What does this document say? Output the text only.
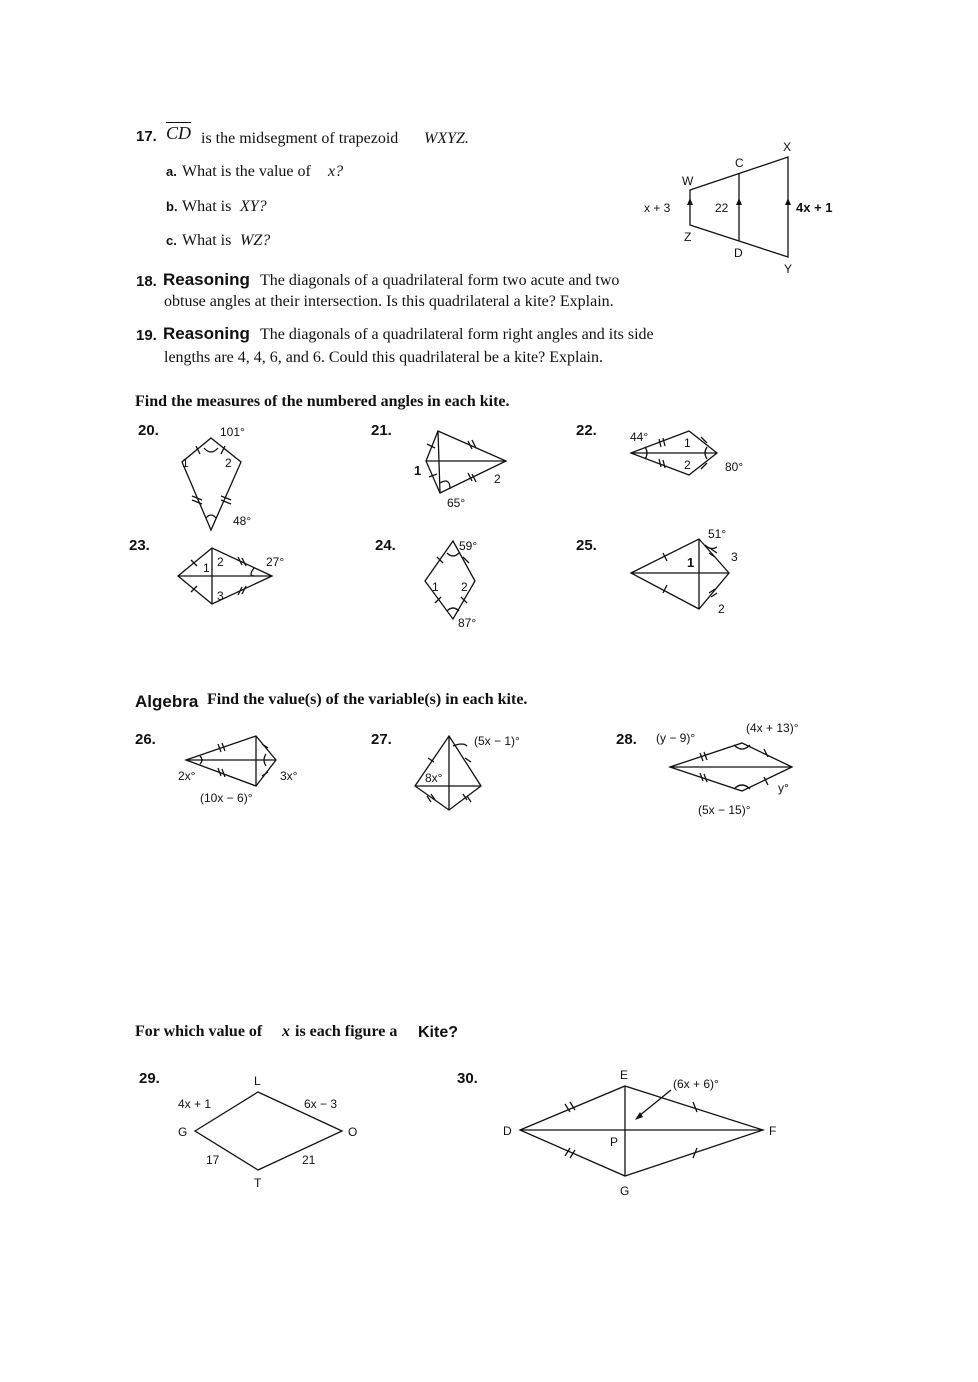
17. $\overline{CD}$ is the midsegment of trapezoid WXYZ.
a. What is the value of x?
b. What is XY?
c. What is WZ?
X
C
W
Z
D
Y
x + 3	22	4x + 1
18. Reasoning The diagonals of a quadrilateral form two acute and two
obtuse angles at their intersection. Is this quadrilateral a kite? Explain.
19. Reasoning The diagonals of a quadrilateral form right angles and its side
lengths are 4, 4, 6, and 6. Could this quadrilateral be a kite? Explain.
Find the measures of the numbered angles in each kite.
20.	101°
1	2
48°
21.
1
2
65°
22.	44°	1
2	80°
23.
1 2
3
27°
24.	59°
1 2
87°
25.
51°
1
2
3
Algebra Find the value(s) of the variable(s) in each kite.
26.
2x°	3x°
(10x − 6)°
27.	(5x − 1)°
8x°
28. (y − 9)°
(4x + 13)°
y°
(5x − 15)°
For which value of x is each figure a Kite?
29.	L
G	O
T
4x + 1	6x − 3
17	21
30.	E
D	F
G
P
(6x + 6)°
